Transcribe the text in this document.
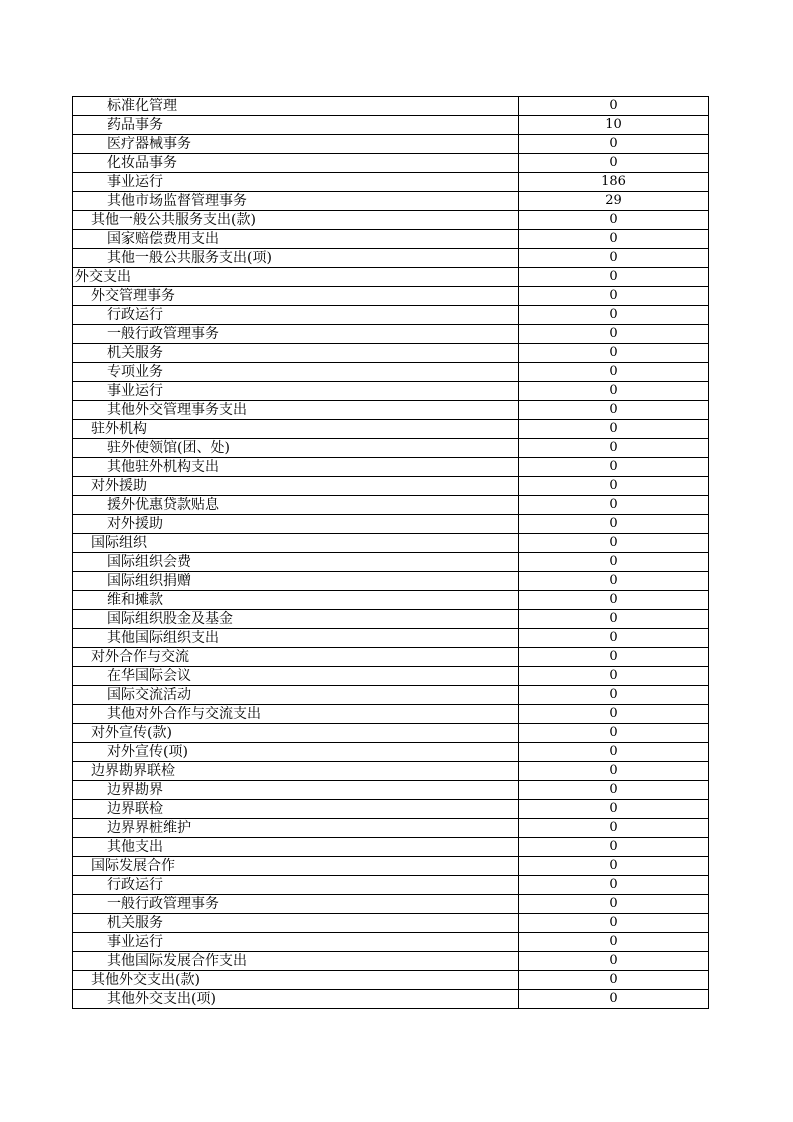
标准化管理	0
药品事务	10
医疗器械事务	0
化妆品事务	0
事业运行	186
其他市场监督管理事务	29
其他一般公共服务支出(款)	0
国家赔偿费用支出	0
其他一般公共服务支出(项)	0
外交支出	0
外交管理事务	0
行政运行	0
一般行政管理事务	0
机关服务	0
专项业务	0
事业运行	0
其他外交管理事务支出	0
驻外机构	0
驻外使领馆(团、处)	0
其他驻外机构支出	0
对外援助	0
援外优惠贷款贴息	0
对外援助	0
国际组织	0
国际组织会费	0
国际组织捐赠	0
维和摊款	0
国际组织股金及基金	0
其他国际组织支出	0
对外合作与交流	0
在华国际会议	0
国际交流活动	0
其他对外合作与交流支出	0
对外宣传(款)	0
对外宣传(项)	0
边界勘界联检	0
边界勘界	0
边界联检	0
边界界桩维护	0
其他支出	0
国际发展合作	0
行政运行	0
一般行政管理事务	0
机关服务	0
事业运行	0
其他国际发展合作支出	0
其他外交支出(款)	0
其他外交支出(项)	0
